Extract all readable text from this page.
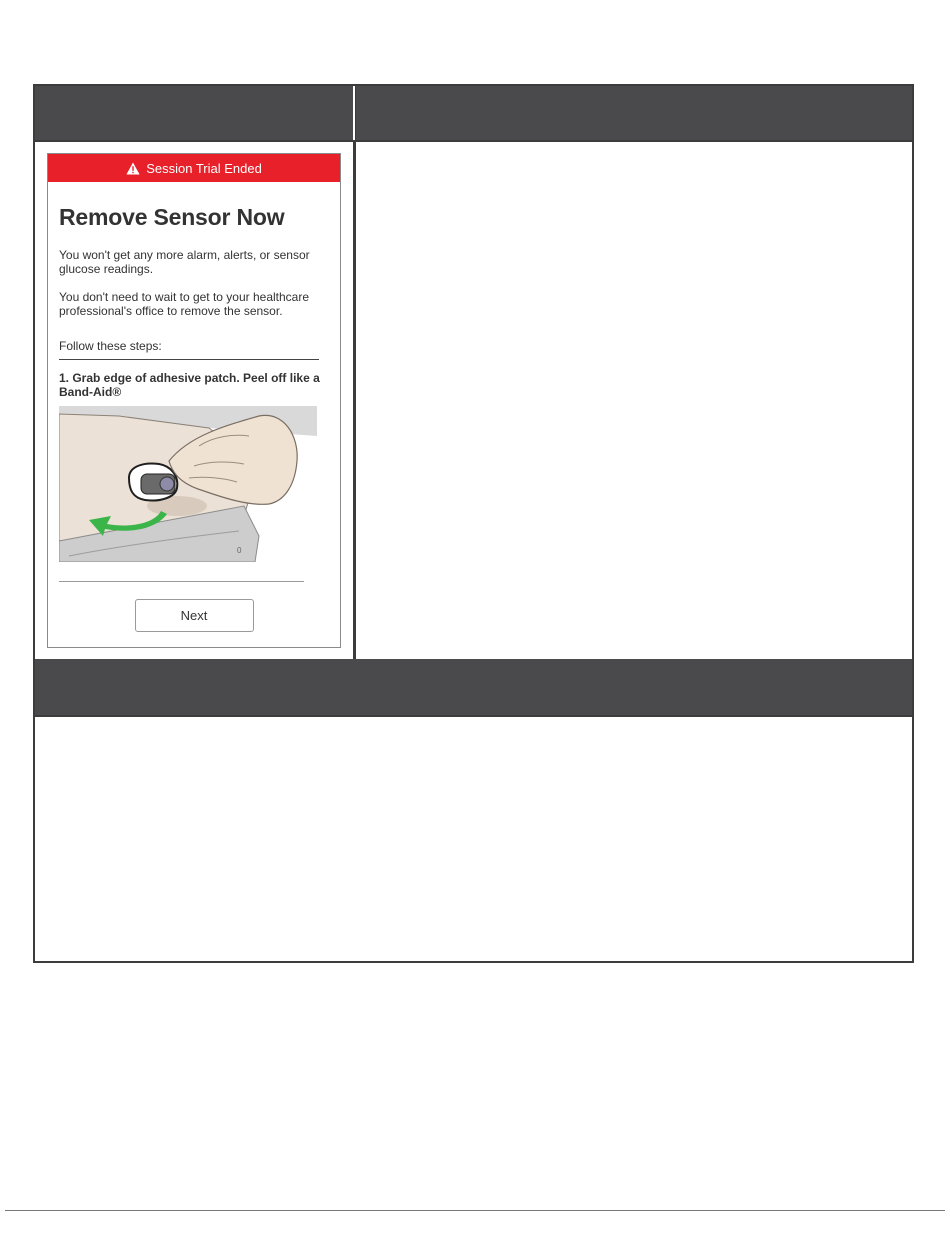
Session Trial Ended
Remove Sensor Now
You won't get any more alarm, alerts, or sensor glucose readings.
You don't need to wait to get to your healthcare professional's office to remove the sensor.
Follow these steps:
1. Grab edge of adhesive patch. Peel off like a Band-Aid®
0
Next
